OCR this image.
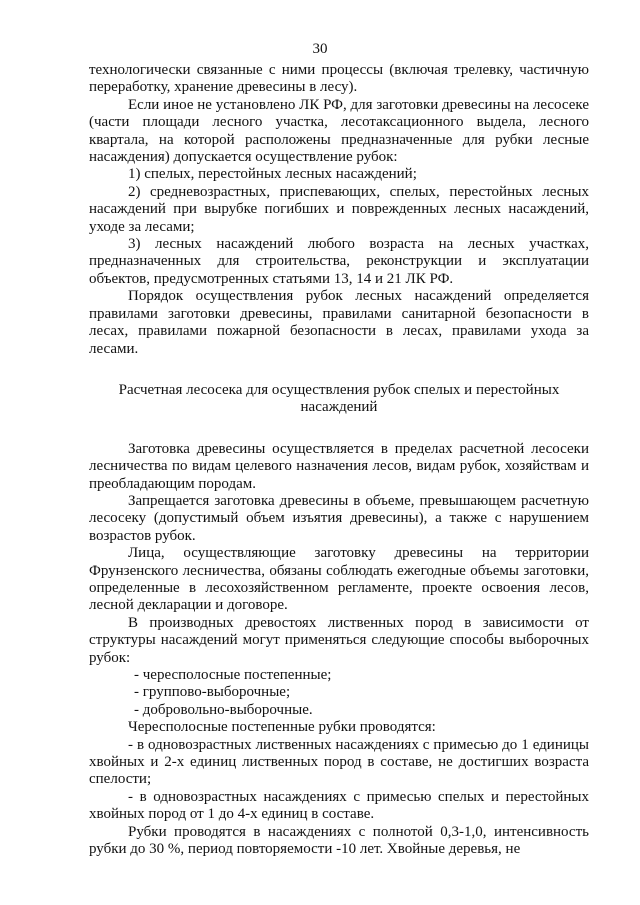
30

технологически связанные с ними процессы (включая трелевку, частичную переработку, хранение древесины в лесу).

Если иное не установлено ЛК РФ, для заготовки древесины на лесосеке (части площади лесного участка, лесотаксационного выдела, лесного квартала, на которой расположены предназначенные для рубки лесные насаждения) допускается осуществление рубок:

1) спелых, перестойных лесных насаждений;

2) средневозрастных, приспевающих, спелых, перестойных лесных насаждений при вырубке погибших и поврежденных лесных насаждений, уходе за лесами;

3) лесных насаждений любого возраста на лесных участках, предназначенных для строительства, реконструкции и эксплуатации объектов, предусмотренных статьями 13, 14 и 21 ЛК РФ.

Порядок осуществления рубок лесных насаждений определяется правилами заготовки древесины, правилами санитарной безопасности в лесах, правилами пожарной безопасности в лесах, правилами ухода за лесами.

Расчетная лесосека для осуществления рубок спелых и перестойных насаждений

Заготовка древесины осуществляется в пределах расчетной лесосеки лесничества по видам целевого назначения лесов, видам рубок, хозяйствам и преобладающим породам.

Запрещается заготовка древесины в объеме, превышающем расчетную лесосеку (допустимый объем изъятия древесины), а также с нарушением возрастов рубок.

Лица, осуществляющие заготовку древесины на территории Фрунзенского лесничества, обязаны соблюдать ежегодные объемы заготовки, определенные в лесохозяйственном регламенте, проекте освоения лесов, лесной декларации и договоре.

В производных древостоях лиственных пород в зависимости от структуры насаждений могут применяться следующие способы выборочных рубок:

- чересполосные постепенные;

- группово-выборочные;

- добровольно-выборочные.

Чересполосные постепенные рубки проводятся:

- в одновозрастных лиственных насаждениях с примесью до 1 единицы хвойных и 2-х единиц лиственных пород в составе, не достигших возраста спелости;

- в одновозрастных насаждениях с примесью спелых и перестойных хвойных пород от 1 до 4-х единиц в составе.

Рубки проводятся в насаждениях с полнотой 0,3-1,0, интенсивность рубки до 30 %, период повторяемости -10 лет. Хвойные деревья, не
